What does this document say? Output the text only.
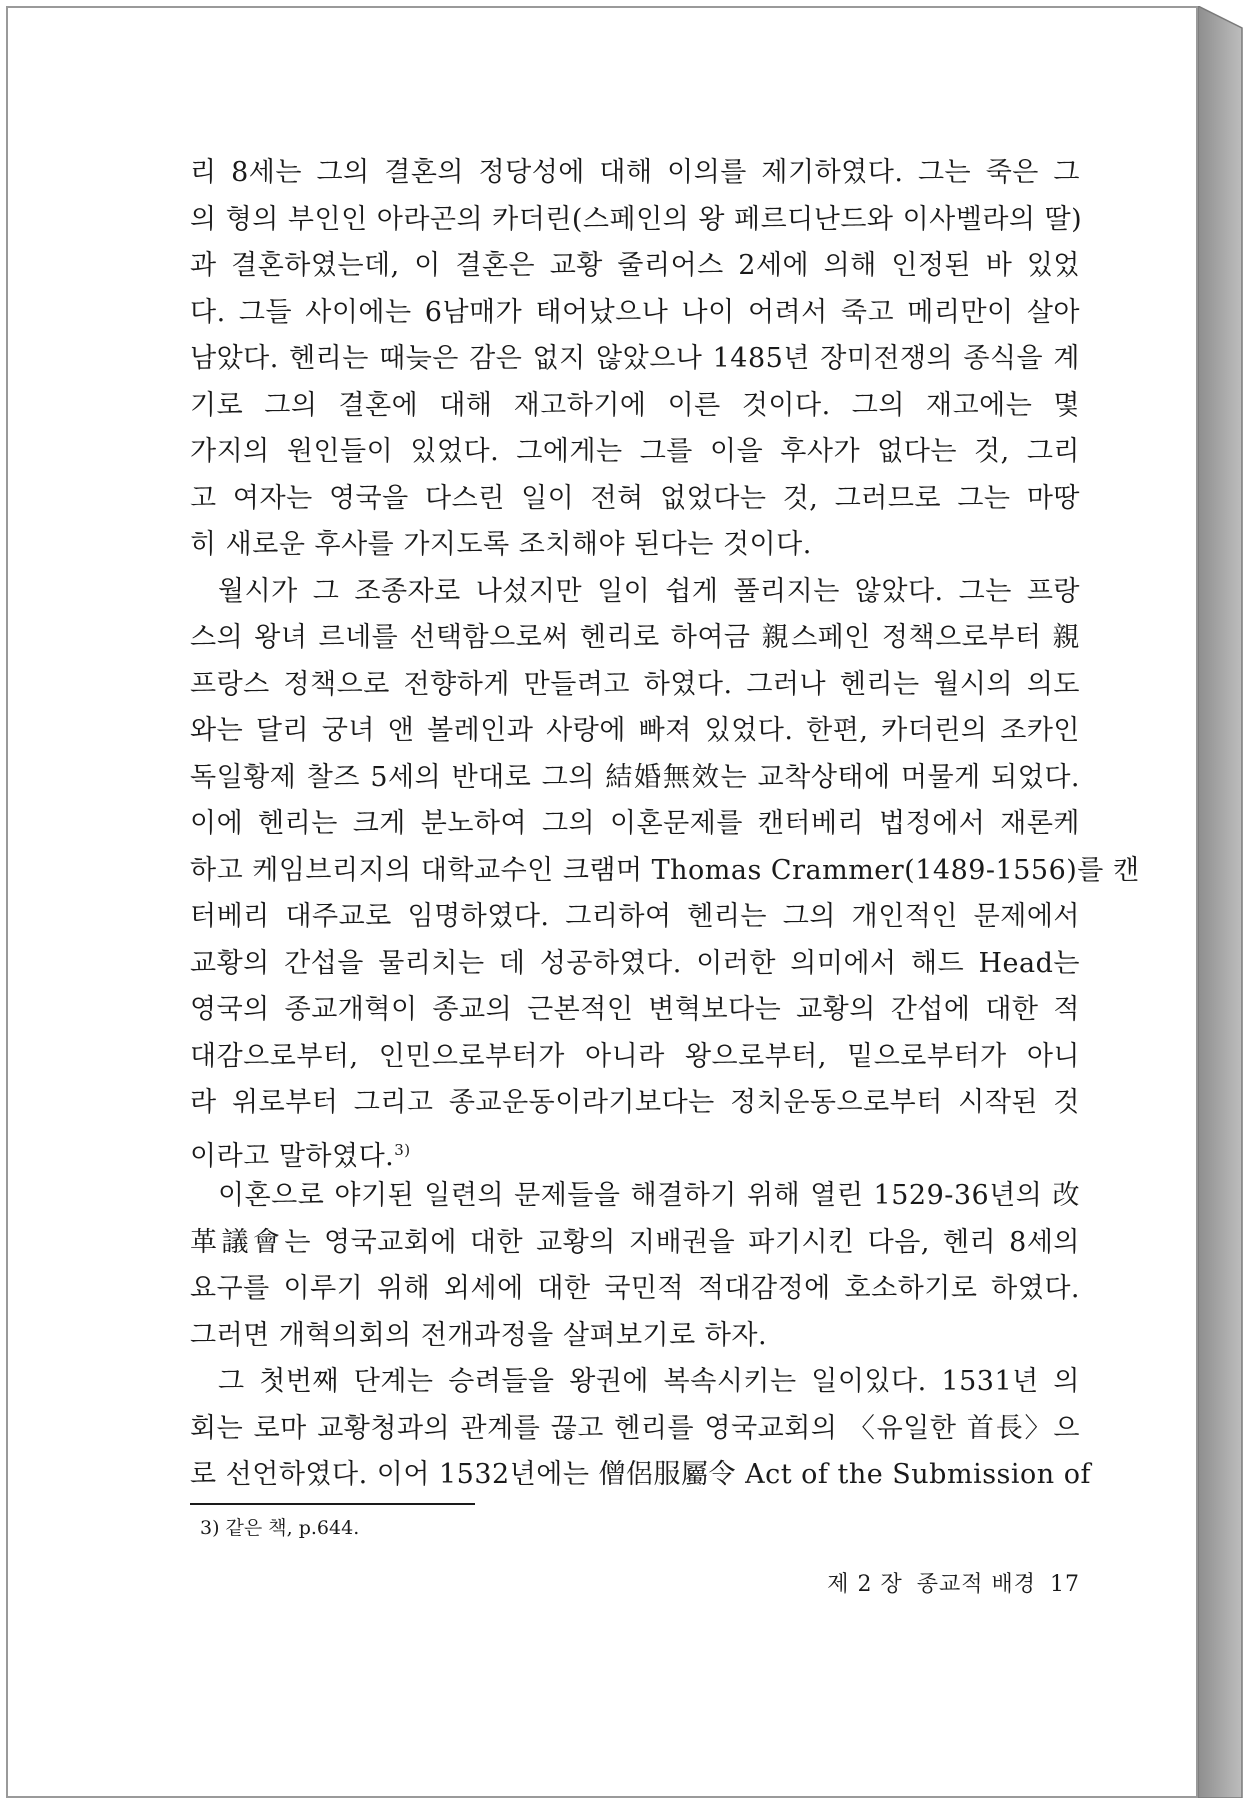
리 8세는 그의 결혼의 정당성에 대해 이의를 제기하였다. 그는 죽은 그
의 형의 부인인 아라곤의 카더린(스페인의 왕 페르디난드와 이사벨라의 딸)
과 결혼하였는데, 이 결혼은 교황 줄리어스 2세에 의해 인정된 바 있었
다. 그들 사이에는 6남매가 태어났으나 나이 어려서 죽고 메리만이 살아
남았다. 헨리는 때늦은 감은 없지 않았으나 1485년 장미전쟁의 종식을 계
기로 그의 결혼에 대해 재고하기에 이른 것이다. 그의 재고에는 몇
가지의 원인들이 있었다. 그에게는 그를 이을 후사가 없다는 것, 그리
고 여자는 영국을 다스린 일이 전혀 없었다는 것, 그러므로 그는 마땅
히 새로운 후사를 가지도록 조치해야 된다는 것이다.
월시가 그 조종자로 나섰지만 일이 쉽게 풀리지는 않았다. 그는 프랑
스의 왕녀 르네를 선택함으로써 헨리로 하여금 親스페인 정책으로부터 親
프랑스 정책으로 전향하게 만들려고 하였다. 그러나 헨리는 월시의 의도
와는 달리 궁녀 앤 볼레인과 사랑에 빠져 있었다. 한편, 카더린의 조카인
독일황제 찰즈 5세의 반대로 그의 結婚無效는 교착상태에 머물게 되었다.
이에 헨리는 크게 분노하여 그의 이혼문제를 캔터베리 법정에서 재론케
하고 케임브리지의 대학교수인 크램머 Thomas Crammer(1489-1556)를 캔
터베리 대주교로 임명하였다. 그리하여 헨리는 그의 개인적인 문제에서
교황의 간섭을 물리치는 데 성공하였다. 이러한 의미에서 해드 Head는
영국의 종교개혁이 종교의 근본적인 변혁보다는 교황의 간섭에 대한 적
대감으로부터, 인민으로부터가 아니라 왕으로부터, 밑으로부터가 아니
라 위로부터 그리고 종교운동이라기보다는 정치운동으로부터 시작된 것
이라고 말하였다.$^{3)}$
이혼으로 야기된 일련의 문제들을 해결하기 위해 열린 1529-36년의 改
革議會는 영국교회에 대한 교황의 지배권을 파기시킨 다음, 헨리 8세의
요구를 이루기 위해 외세에 대한 국민적 적대감정에 호소하기로 하였다.
그러면 개혁의회의 전개과정을 살펴보기로 하자.
그 첫번째 단계는 승려들을 왕권에 복속시키는 일이있다. 1531년 의
회는 로마 교황청과의 관계를 끊고 헨리를 영국교회의 〈유일한 首長〉으
로 선언하였다. 이어 1532년에는 僧侶服屬令 Act of the Submission of
3) 같은 책, p.644.
제 2 장 종교적 배경 17
